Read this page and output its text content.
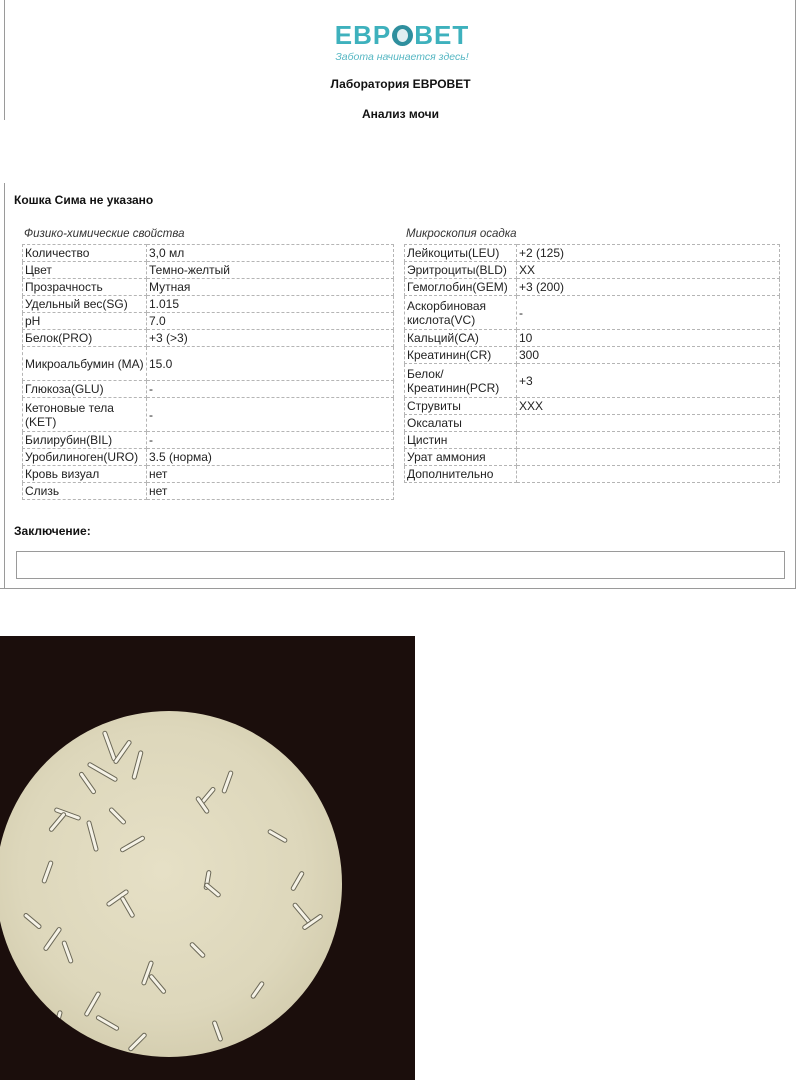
ЕВР ВЕТ
Забота начинается здесь!
Лаборатория ЕВРОВЕТ
Анализ мочи
Кошка Сима не указано
Физико-химические свойства	Микроскопия осадка
Количество	3,0 мл
Цвет	Темно-желтый
Прозрачность	Мутная
Удельный вес(SG)	1.015
pH	7.0
Белок(PRO)	+3 (>3)
Микроальбумин (MA)	15.0
Глюкоза(GLU)	-
Кетоновые тела (KET)	-
Билирубин(BIL)	-
Уробилиноген(URO)	3.5 (норма)
Кровь визуал	нет
Слизь	нет
Лейкоциты(LEU)	+2 (125)
Эритроциты(BLD)	XX
Гемоглобин(GEM)	+3 (200)
Аскорбиновая кислота(VC)	-
Кальций(CA)	10
Креатинин(CR)	300
Белок/ Креатинин(PCR)	+3
Струвиты	XXX
Оксалаты	
Цистин	
Урат аммония	
Дополнительно	
Заключение:
